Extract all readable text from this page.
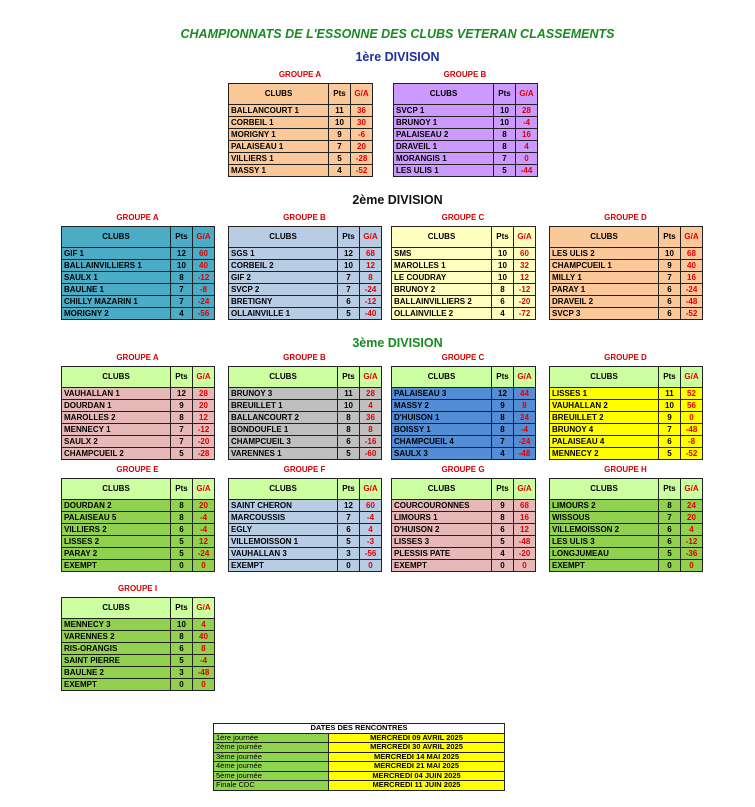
CHAMPIONNATS DE L'ESSONNE DES CLUBS VETERAN CLASSEMENTS
1ère DIVISION
2ème DIVISION
3ème DIVISION
GROUPE A
CLUBS	Pts	G/A
BALLANCOURT 1	11	36
CORBEIL 1	10	30
MORIGNY 1	9	-6
PALAISEAU 1	7	20
VILLIERS 1	5	-28
MASSY 1	4	-52
GROUPE B
CLUBS	Pts	G/A
SVCP 1	10	28
BRUNOY 1	10	-4
PALAISEAU 2	8	16
DRAVEIL 1	8	4
MORANGIS 1	7	0
LES ULIS 1	5	-44
GROUPE A
CLUBS	Pts	G/A
GIF 1	12	60
BALLAINVILLIERS 1	10	40
SAULX 1	8	-12
BAULNE 1	7	-8
CHILLY MAZARIN 1	7	-24
MORIGNY 2	4	-56
GROUPE B
CLUBS	Pts	G/A
SGS 1	12	68
CORBEIL 2	10	12
GIF 2	7	8
SVCP 2	7	-24
BRETIGNY	6	-12
OLLAINVILLE 1	5	-40
GROUPE C
CLUBS	Pts	G/A
SMS	10	60
MAROLLES 1	10	32
LE COUDRAY	10	12
BRUNOY 2	8	-12
BALLAINVILLIERS 2	6	-20
OLLAINVILLE 2	4	-72
GROUPE D
CLUBS	Pts	G/A
LES ULIS 2	10	68
CHAMPCUEIL 1	9	40
MILLY 1	7	16
PARAY 1	6	-24
DRAVEIL 2	6	-48
SVCP 3	6	-52
GROUPE A
CLUBS	Pts	G/A
VAUHALLAN 1	12	28
DOURDAN 1	9	20
MAROLLES 2	8	12
MENNECY 1	7	-12
SAULX 2	7	-20
CHAMPCUEIL 2	5	-28
GROUPE B
CLUBS	Pts	G/A
BRUNOY 3	11	28
BREUILLET 1	10	4
BALLANCOURT 2	8	36
BONDOUFLE 1	8	8
CHAMPCUEIL 3	6	-16
VARENNES 1	5	-60
GROUPE C
CLUBS	Pts	G/A
PALAISEAU 3	12	44
MASSY 2	9	8
D'HUISON 1	8	24
BOISSY 1	8	-4
CHAMPCUEIL 4	7	-24
SAULX 3	4	-48
GROUPE D
CLUBS	Pts	G/A
LISSES 1	11	52
VAUHALLAN 2	10	56
BREUILLET 2	9	0
BRUNOY 4	7	-48
PALAISEAU 4	6	-8
MENNECY 2	5	-52
GROUPE E
CLUBS	Pts	G/A
DOURDAN 2	8	20
PALAISEAU 5	8	-4
VILLIERS 2	6	-4
LISSES 2	5	12
PARAY 2	5	-24
EXEMPT	0	0
GROUPE F
CLUBS	Pts	G/A
SAINT CHERON	12	60
MARCOUSSIS	7	-4
EGLY	6	4
VILLEMOISSON 1	5	-3
VAUHALLAN 3	3	-56
EXEMPT	0	0
GROUPE G
CLUBS	Pts	G/A
COURCOURONNES	9	68
LIMOURS 1	8	16
D'HUISON 2	6	12
LISSES 3	5	-48
PLESSIS PATE	4	-20
EXEMPT	0	0
GROUPE H
CLUBS	Pts	G/A
LIMOURS 2	8	24
WISSOUS	7	20
VILLEMOISSON 2	6	4
LES ULIS 3	6	-12
LONGJUMEAU	5	-36
EXEMPT	0	0
GROUPE I
CLUBS	Pts	G/A
MENNECY 3	10	4
VARENNES 2	8	40
RIS-ORANGIS	6	8
SAINT PIERRE	5	-4
BAULNE 2	3	-48
EXEMPT	0	0
DATES DES RENCONTRES	
1ère journée	MERCREDI 09 AVRIL 2025
2ème journée	MERCREDI 30 AVRIL 2025
3ème journée	MERCREDI 14 MAI 2025
4ème journée	MERCREDI 21 MAI 2025
5ème journée	MERCREDI 04 JUIN 2025
Finale CDC	MERCREDI 11 JUIN 2025
